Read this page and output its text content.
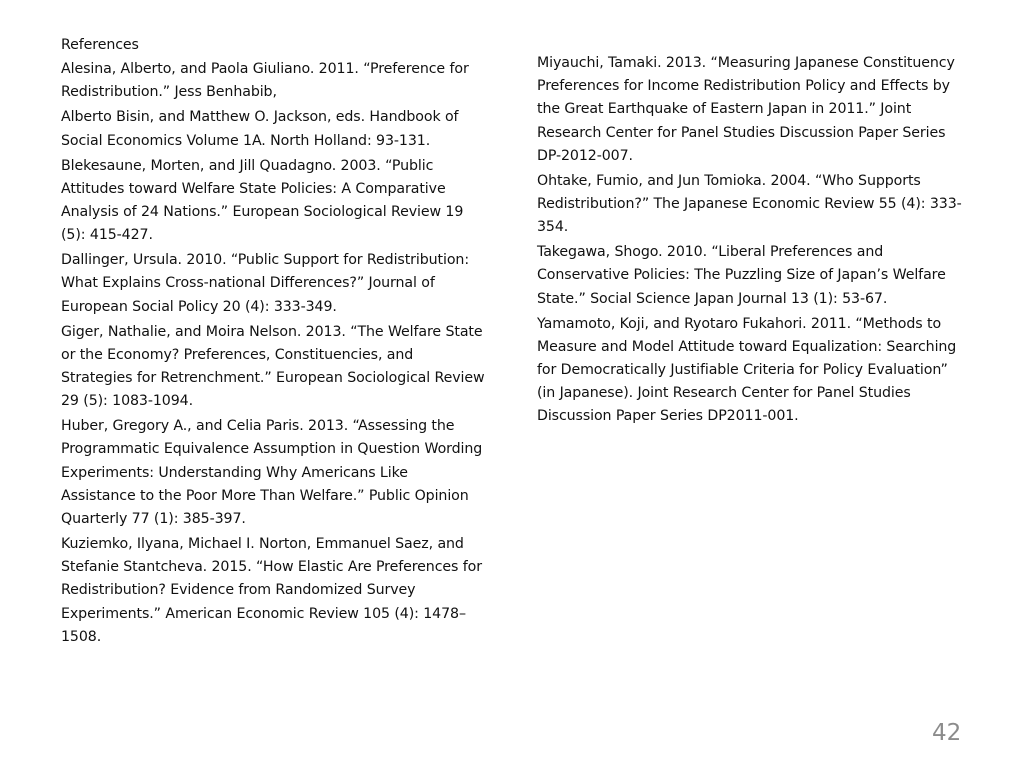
References

Alesina, Alberto, and Paola Giuliano. 2011. “Preference for Redistribution.” Jess Benhabib,

Alberto Bisin, and Matthew O. Jackson, eds. Handbook of Social Economics Volume 1A. North Holland: 93-131.

Blekesaune, Morten, and Jill Quadagno. 2003. “Public Attitudes toward Welfare State Policies: A Comparative Analysis of 24 Nations.” European Sociological Review 19 (5): 415-427.

Dallinger, Ursula. 2010. “Public Support for Redistribution: What Explains Cross-national Differences?” Journal of European Social Policy 20 (4): 333-349.

Giger, Nathalie, and Moira Nelson. 2013. “The Welfare State or the Economy? Preferences, Constituencies, and Strategies for Retrenchment.” European Sociological Review 29 (5): 1083-1094.

Huber, Gregory A., and Celia Paris. 2013. “Assessing the Programmatic Equivalence Assumption in Question Wording Experiments: Understanding Why Americans Like Assistance to the Poor More Than Welfare.” Public Opinion Quarterly 77 (1): 385-397.

Kuziemko, Ilyana, Michael I. Norton, Emmanuel Saez, and Stefanie Stantcheva. 2015. “How Elastic Are Preferences for Redistribution? Evidence from Randomized Survey Experiments.” American Economic Review 105 (4): 1478–1508.

Miyauchi, Tamaki. 2013. “Measuring Japanese Constituency Preferences for Income Redistribution Policy and Effects by the Great Earthquake of Eastern Japan in 2011.” Joint Research Center for Panel Studies Discussion Paper Series DP-2012-007.

Ohtake, Fumio, and Jun Tomioka. 2004. “Who Supports Redistribution?” The Japanese Economic Review 55 (4): 333-354.

Takegawa, Shogo. 2010. “Liberal Preferences and Conservative Policies: The Puzzling Size of Japan’s Welfare State.” Social Science Japan Journal 13 (1): 53-67.

Yamamoto, Koji, and Ryotaro Fukahori. 2011. “Methods to Measure and Model Attitude toward Equalization: Searching for Democratically Justifiable Criteria for Policy Evaluation” (in Japanese). Joint Research Center for Panel Studies Discussion Paper Series DP2011-001.

42
